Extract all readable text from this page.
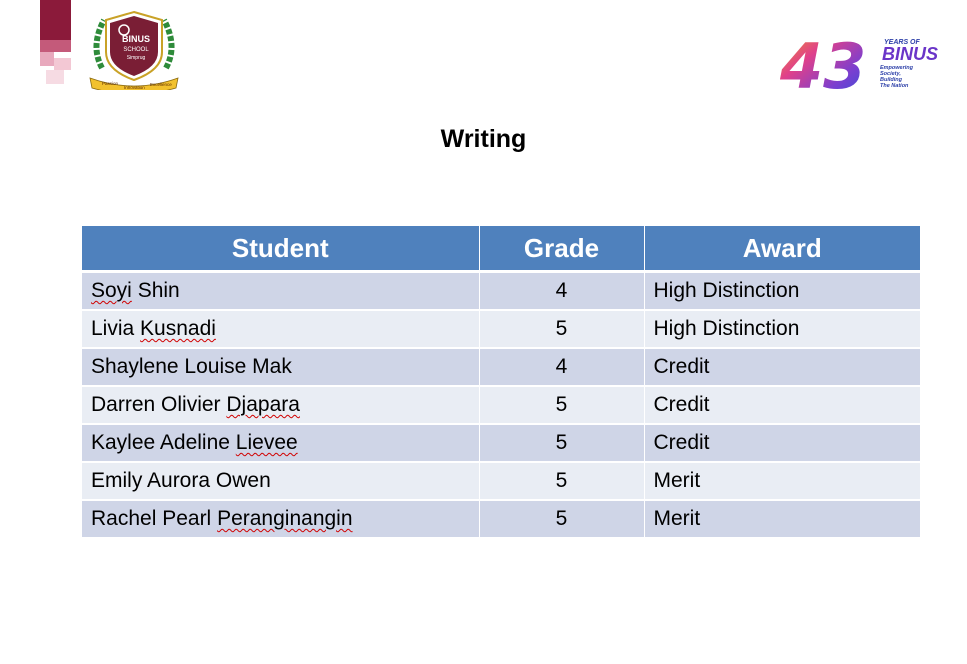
BINUS
SCHOOL
Simprug
Passion
Innovation
Excellence	43	YEARS OF
BINUS
Empowering
Society,
Building
The Nation
Writing
Student	Grade	Award
Soyi Shin	4	High Distinction
Livia Kusnadi	5	High Distinction
Shaylene Louise Mak	4	Credit
Darren Olivier Djapara	5	Credit
Kaylee Adeline Lievee	5	Credit
Emily Aurora Owen	5	Merit
Rachel Pearl Peranginangin	5	Merit
